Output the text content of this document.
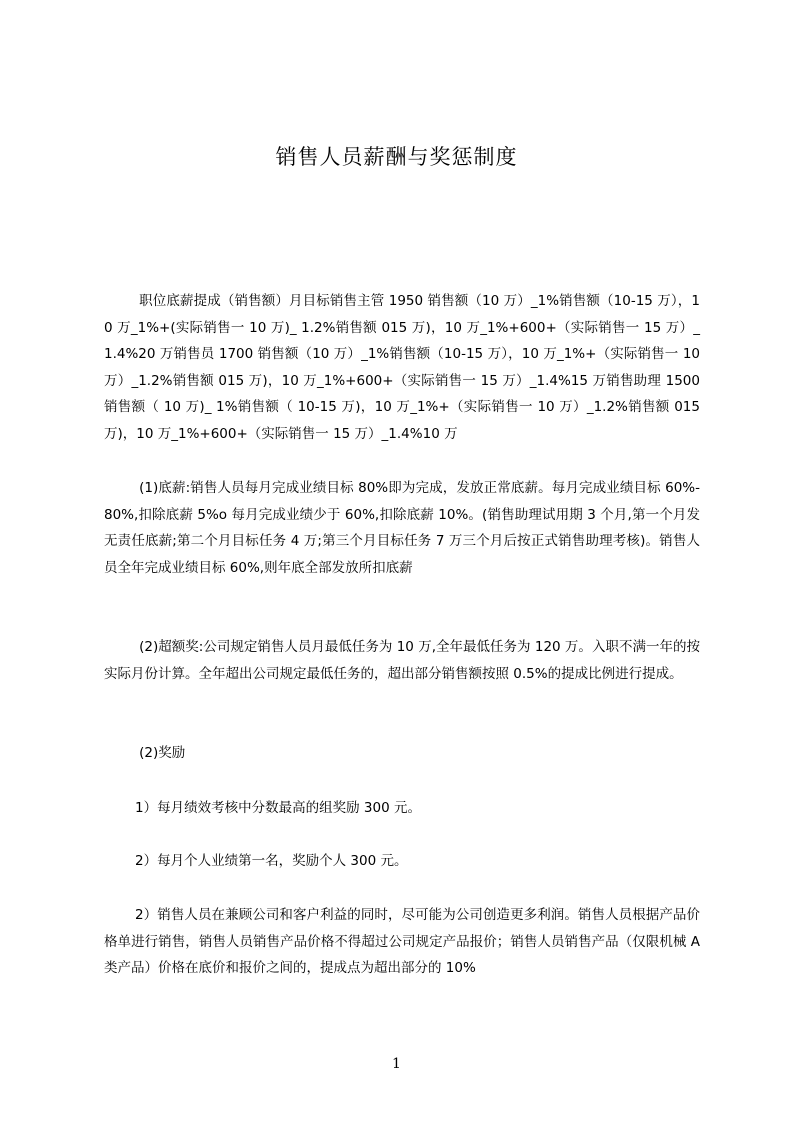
销售人员薪酬与奖惩制度

职位底薪提成（销售额）月目标销售主管 1950 销售额（10 万）_1%销售额（10-15 万），10 万_1%+(实际销售一 10 万)_ 1.2%销售额 015 万)，10 万_1%+600+（实际销售一 15 万）_1.4%20 万销售员 1700 销售额（10 万）_1%销售额（10-15 万），10 万_1%+（实际销售一 10 万）_1.2%销售额 015 万)，10 万_1%+600+（实际销售一 15 万）_1.4%15 万销售助理 1500 销售额（ 10 万)_ 1%销售额（ 10-15 万)，10 万_1%+（实际销售一 10 万）_1.2%销售额 015 万)，10 万_1%+600+（实际销售一 15 万）_1.4%10 万

(1)底薪:销售人员每月完成业绩目标 80%即为完成，发放正常底薪。每月完成业绩目标 60%-80%,扣除底薪 5%o 每月完成业绩少于 60%,扣除底薪 10%。(销售助理试用期 3 个月,第一个月发无责任底薪;第二个月目标任务 4 万;第三个月目标任务 7 万三个月后按正式销售助理考核)。销售人员全年完成业绩目标 60%,则年底全部发放所扣底薪

(2)超额奖:公司规定销售人员月最低任务为 10 万,全年最低任务为 120 万。入职不满一年的按实际月份计算。全年超出公司规定最低任务的，超出部分销售额按照 0.5%的提成比例进行提成。

(2)奖励

1）每月绩效考核中分数最高的组奖励 300 元。

2）每月个人业绩第一名，奖励个人 300 元。

2）销售人员在兼顾公司和客户利益的同时，尽可能为公司创造更多利润。销售人员根据产品价格单进行销售，销售人员销售产品价格不得超过公司规定产品报价；销售人员销售产品（仅限机械 A 类产品）价格在底价和报价之间的，提成点为超出部分的 10%

1
